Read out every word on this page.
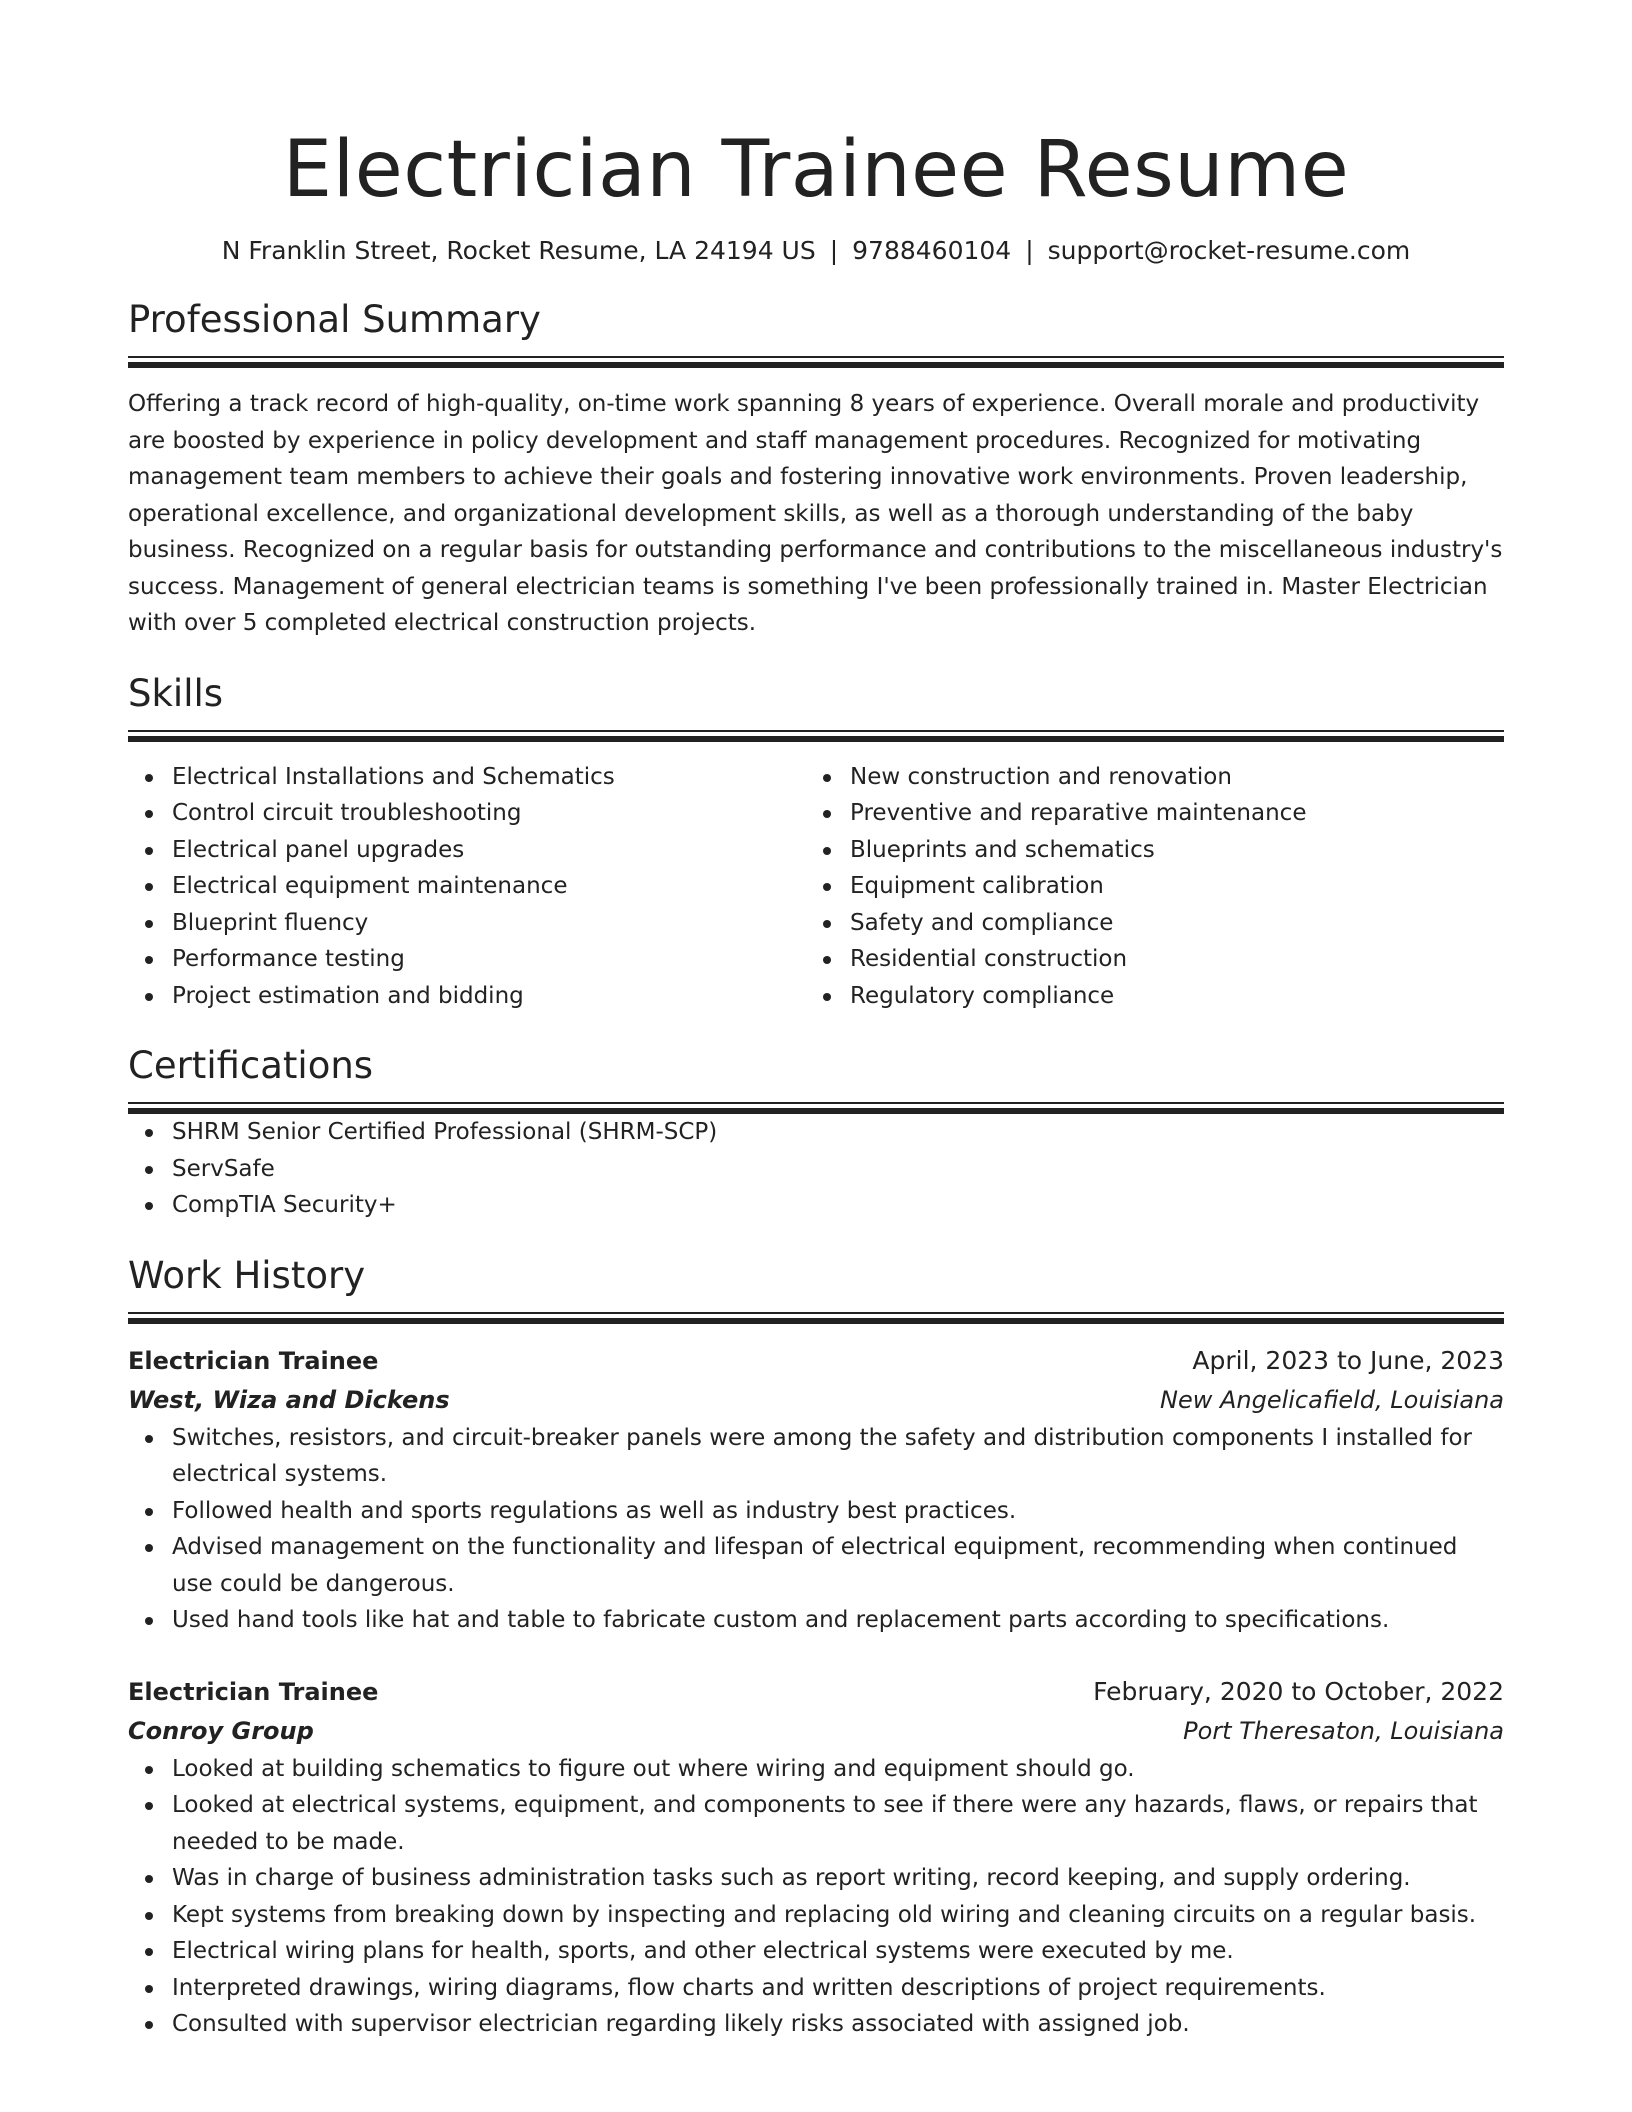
Electrician Trainee Resume
N Franklin Street, Rocket Resume, LA 24194 US | 9788460104 | support@rocket-resume.com
Professional Summary

Offering a track record of high-quality, on-time work spanning 8 years of experience. Overall morale and productivity are boosted by experience in policy development and staff management procedures. Recognized for motivating management team members to achieve their goals and fostering innovative work environments. Proven leadership, operational excellence, and organizational development skills, as well as a thorough understanding of the baby business. Recognized on a regular basis for outstanding performance and contributions to the miscellaneous industry's success. Management of general electrician teams is something I've been professionally trained in. Master Electrician with over 5 completed electrical construction projects.

Skills
Electrical Installations and Schematics
Control circuit troubleshooting
Electrical panel upgrades
Electrical equipment maintenance
Blueprint fluency
Performance testing
Project estimation and bidding
New construction and renovation
Preventive and reparative maintenance
Blueprints and schematics
Equipment calibration
Safety and compliance
Residential construction
Regulatory compliance
Certifications
SHRM Senior Certified Professional (SHRM-SCP)
ServSafe
CompTIA Security+
Work History
Electrician Trainee	April, 2023 to June, 2023
West, Wiza and Dickens	New Angelicafield, Louisiana
Switches, resistors, and circuit-breaker panels were among the safety and distribution components I installed for electrical systems.
Followed health and sports regulations as well as industry best practices.
Advised management on the functionality and lifespan of electrical equipment, recommending when continued use could be dangerous.
Used hand tools like hat and table to fabricate custom and replacement parts according to specifications.
Electrician Trainee	February, 2020 to October, 2022
Conroy Group	Port Theresaton, Louisiana
Looked at building schematics to figure out where wiring and equipment should go.
Looked at electrical systems, equipment, and components to see if there were any hazards, flaws, or repairs that needed to be made.
Was in charge of business administration tasks such as report writing, record keeping, and supply ordering.
Kept systems from breaking down by inspecting and replacing old wiring and cleaning circuits on a regular basis.
Electrical wiring plans for health, sports, and other electrical systems were executed by me.
Interpreted drawings, wiring diagrams, flow charts and written descriptions of project requirements.
Consulted with supervisor electrician regarding likely risks associated with assigned job.
